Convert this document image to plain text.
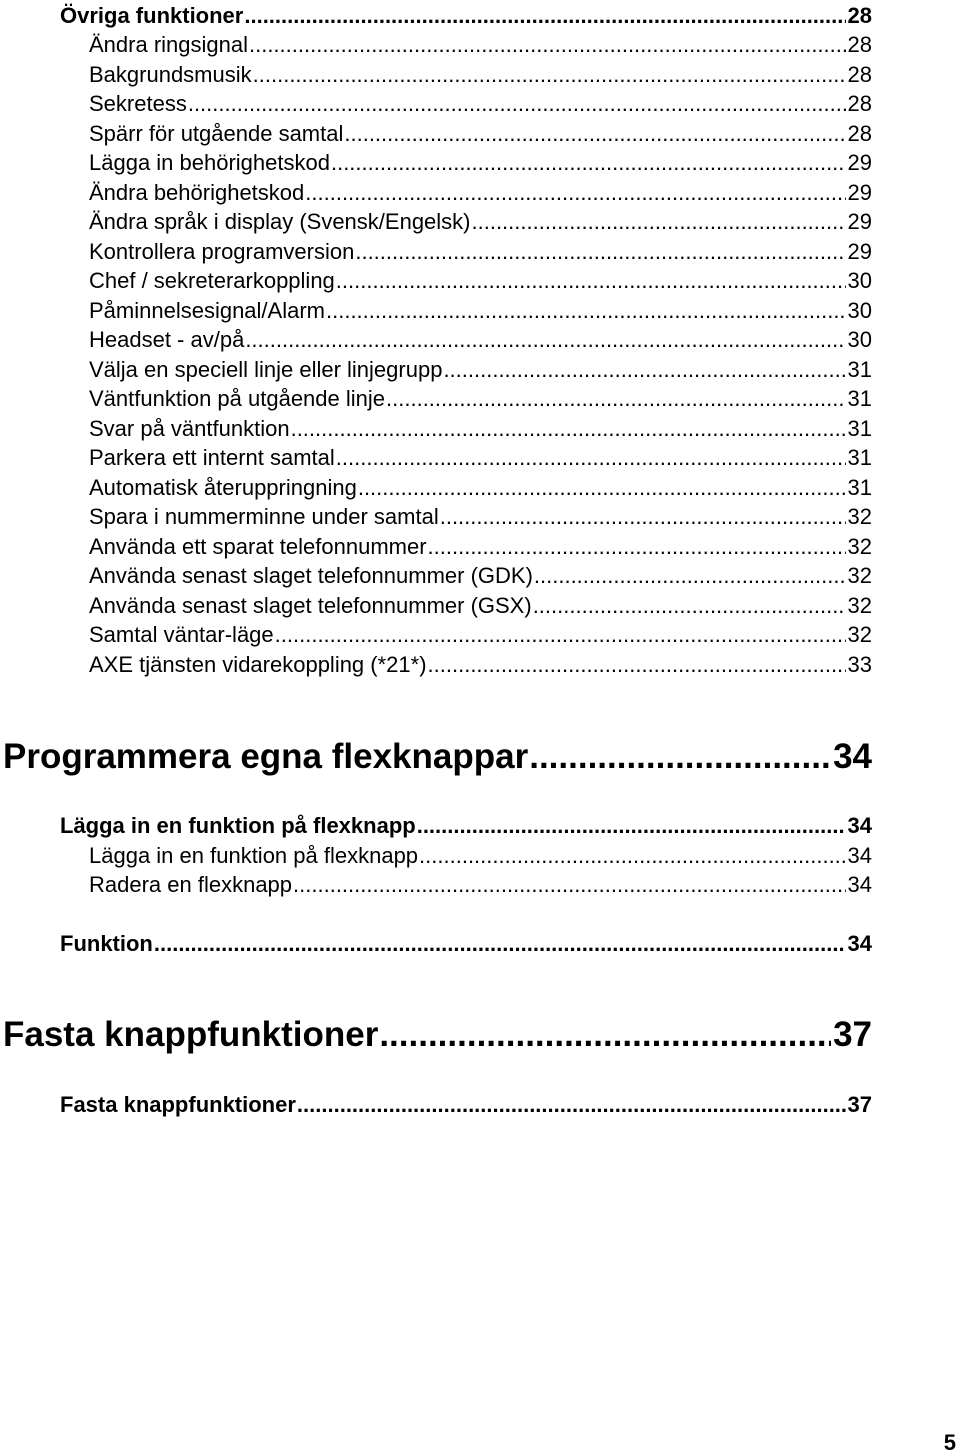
Övriga funktioner .....	28
Ändra ringsignal .....	28
Bakgrundsmusik .....	28
Sekretess .....	28
Spärr för utgående samtal .....	28
Lägga in behörighetskod .....	29
Ändra behörighetskod .....	29
Ändra språk i display (Svensk/Engelsk) .....	29
Kontrollera programversion .....	29
Chef / sekreterarkoppling .....	30
Påminnelsesignal/Alarm .....	30
Headset - av/på .....	30
Välja en speciell linje eller linjegrupp .....	31
Väntfunktion på utgående linje .....	31
Svar på väntfunktion .....	31
Parkera ett internt samtal .....	31
Automatisk återuppringning .....	31
Spara i nummerminne under samtal .....	32
Använda ett sparat telefonnummer .....	32
Använda senast slaget telefonnummer (GDK) .....	32
Använda senast slaget telefonnummer (GSX) .....	32
Samtal väntar-läge .....	32
AXE tjänsten vidarekoppling (*21*) .....	33
Programmera egna flexknappar .....	34
Lägga in en funktion på flexknapp .....	34
Lägga in en funktion på flexknapp .....	34
Radera en flexknapp .....	34
Funktion .....	34
Fasta knappfunktioner .....	37
Fasta knappfunktioner .....	37
5
